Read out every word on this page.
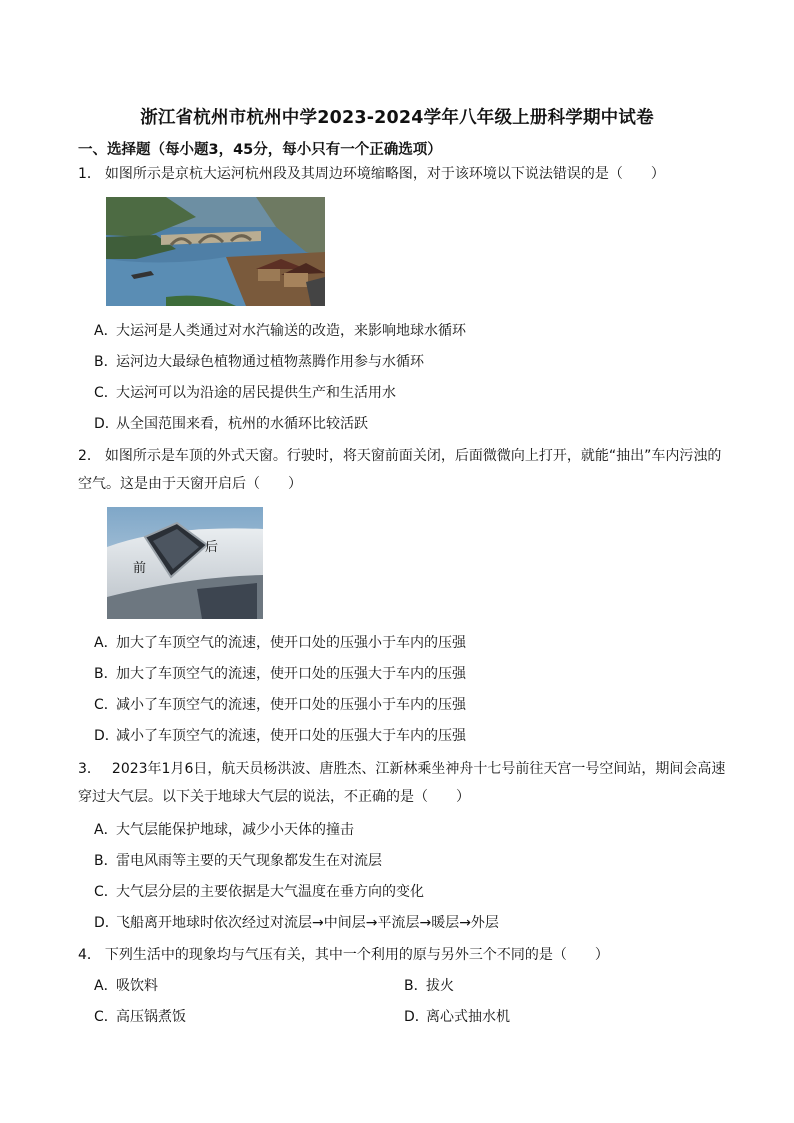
浙江省杭州市杭州中学2023-2024学年八年级上册科学期中试卷
一、选择题（每小题3，45分，每小只有一个正确选项）
1． 如图所示是京杭大运河杭州段及其周边环境缩略图，对于该环境以下说法错误的是（　　）
A．大运河是人类通过对水汽输送的改造，来影响地球水循环
B．运河边大最绿色植物通过植物蒸腾作用参与水循环
C．大运河可以为沿途的居民提供生产和生活用水
D．从全国范围来看，杭州的水循环比较活跃
2． 如图所示是车顶的外式天窗。行驶时，将天窗前面关闭，后面微微向上打开，就能“抽出”车内污浊的空气。这是由于天窗开启后（　　）
前
后
A．加大了车顶空气的流速，使开口处的压强小于车内的压强
B．加大了车顶空气的流速，使开口处的压强大于车内的压强
C．减小了车顶空气的流速，使开口处的压强小于车内的压强
D．减小了车顶空气的流速，使开口处的压强大于车内的压强
3．　2023年1月6日，航天员杨洪波、唐胜杰、江新林乘坐神舟十七号前往天宫一号空间站，期间会高速穿过大气层。以下关于地球大气层的说法，不正确的是（　　）
A．大气层能保护地球，减少小天体的撞击
B．雷电风雨等主要的天气现象都发生在对流层
C．大气层分层的主要依据是大气温度在垂方向的变化
D．飞船离开地球时依次经过对流层→中间层→平流层→暖层→外层
4． 下列生活中的现象均与气压有关，其中一个利用的原与另外三个不同的是（　　）
A．吸饮料	B．拔火
C．高压锅煮饭	D．离心式抽水机
